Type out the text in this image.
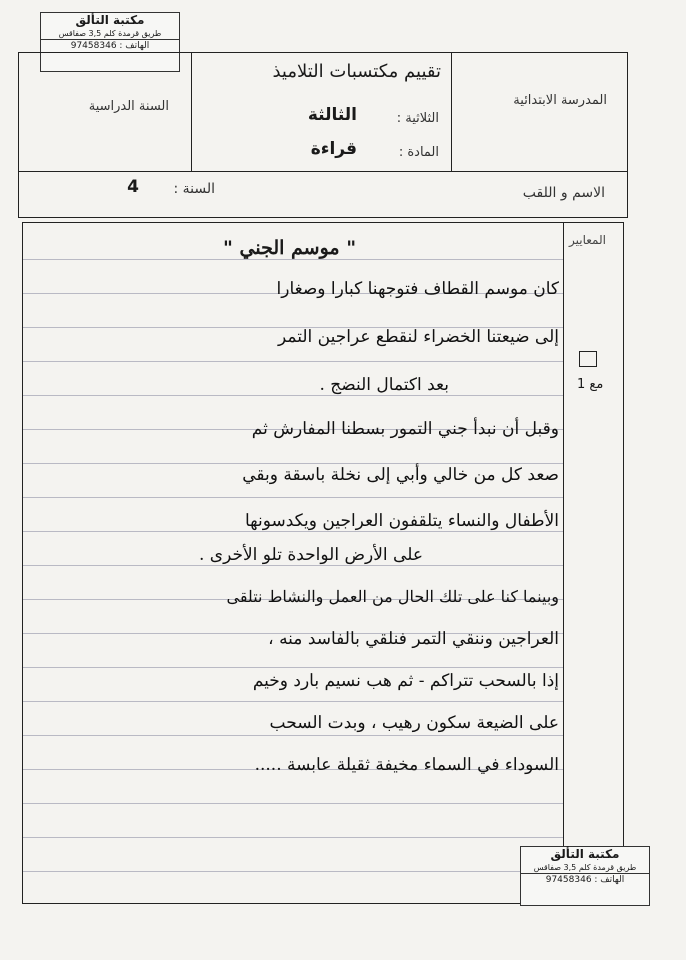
مكتبة التألق
طريق قرمدة كلم 3,5 صفاقس
97458346 : الهاتف
المدرسة الابتدائية
تقييم مكتسبات التلاميذ
الثلاثية :
الثالثة
المادة :
قراءة
السنة الدراسية
الاسم و اللقب
السنة :
4
المعايير
مع 1
" موسم الجني "
كان موسم القطاف فتوجهنا كبارا وصغارا
إلى ضيعتنا الخضراء لنقطع عراجين التمر
بعد اكتمال النضج .
وقبل أن نبدأ جني التمور بسطنا المفارش ثم
صعد كل من خالي وأبي إلى نخلة باسقة وبقي
الأطفال والنساء يتلقفون العراجين ويكدسونها
على الأرض الواحدة تلو الأخرى .
وبينما كنا على تلك الحال من العمل والنشاط نتلقى
العراجين وننقي التمر فنلقي بالفاسد منه ،
إذا بالسحب تتراكم - ثم هب نسيم بارد وخيم
على الضيعة سكون رهيب ، وبدت السحب
السوداء في السماء مخيفة ثقيلة عابسة .....
مكتبة التألق
طريق قرمدة كلم 3,5 صفاقس
97458346 : الهاتف
